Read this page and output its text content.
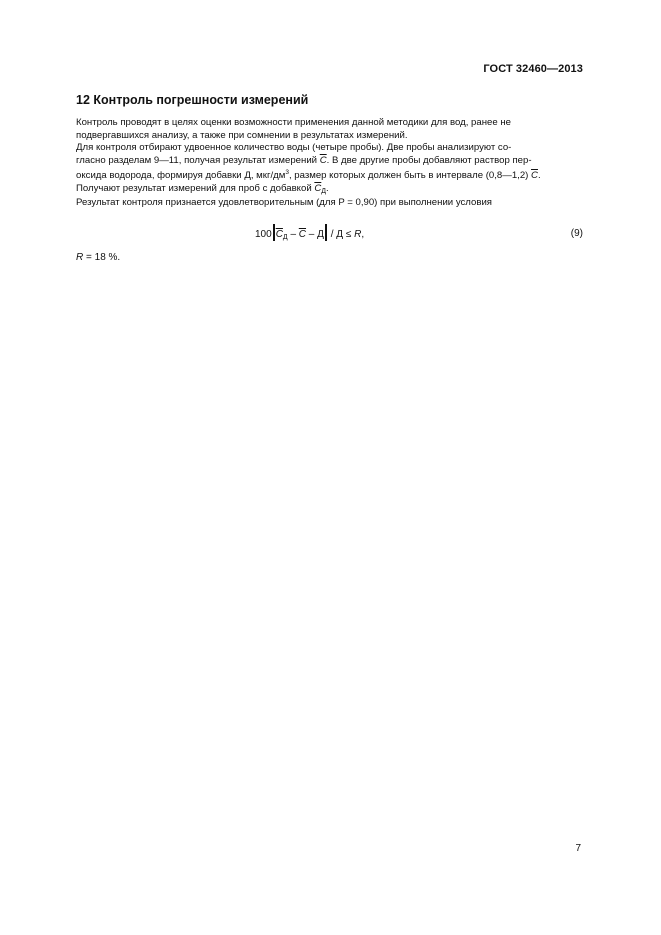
ГОСТ 32460—2013
12 Контроль погрешности измерений
Контроль проводят в целях оценки возможности применения данной методики для вод, ранее не
подвергавшихся анализу, а также при сомнении в результатах измерений.
Для контроля отбирают удвоенное количество воды (четыре пробы). Две пробы анализируют со-
гласно разделам 9—11, получая результат измерений $\overline{C}$. В две другие пробы добавляют раствор пер-
оксида водорода, формируя добавки Д, мкг/$дм^3$, размер которых должен быть в интервале (0,8—1,2) $\overline{C}$.
Получают результат измерений для проб с добавкой $\overline{C}_Д$.
Результат контроля признается удовлетворительным (для P = 0,90) при выполнении условия
100 $\overline{C}_Д - \overline{C} - Д / Д \le R$,	(9)
R = 18 %.
7
